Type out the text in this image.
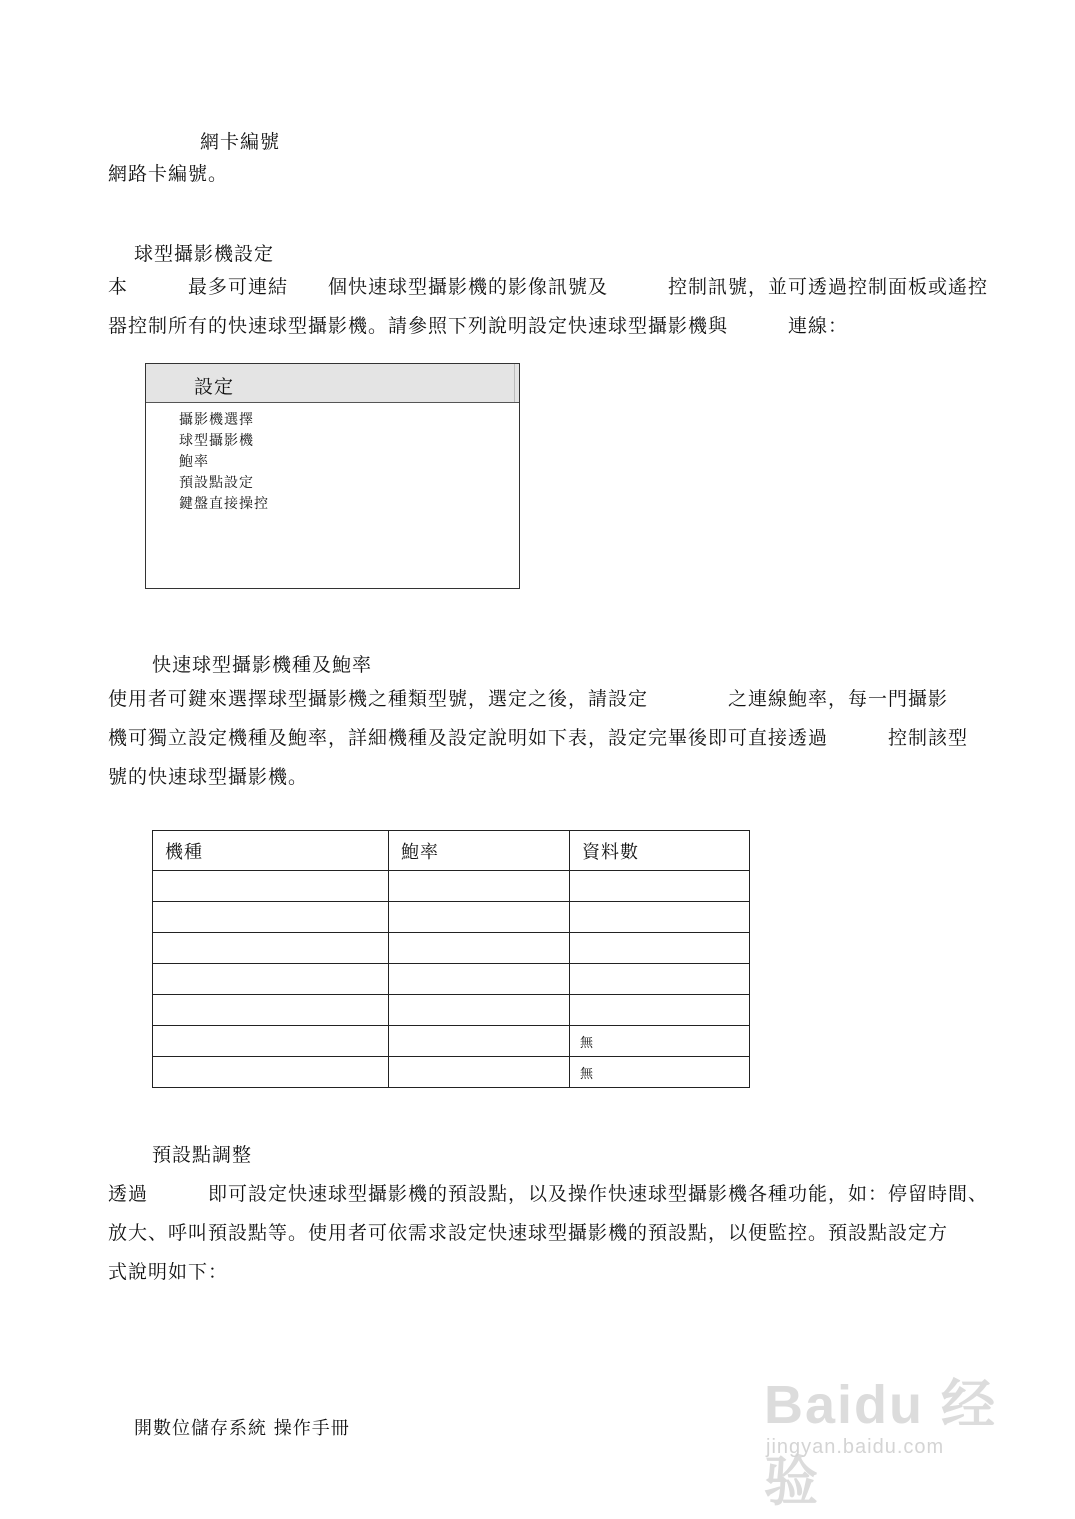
網卡編號
網路卡編號。
球型攝影機設定
本　　　最多可連結　　個快速球型攝影機的影像訊號及　　　控制訊號，並可透過控制面板或遙控
器控制所有的快速球型攝影機。請參照下列說明設定快速球型攝影機與　　　連線：
設定
攝影機選擇
球型攝影機
鮑率
預設點設定
鍵盤直接操控
快速球型攝影機種及鮑率
使用者可鍵來選擇球型攝影機之種類型號，選定之後，請設定　　　　之連線鮑率，每一門攝影
機可獨立設定機種及鮑率，詳細機種及設定說明如下表，設定完畢後即可直接透過　　　控制該型
號的快速球型攝影機。
機種	鮑率	資料數

		無
		無
預設點調整
透過　　　即可設定快速球型攝影機的預設點，以及操作快速球型攝影機各種功能，如：停留時間、
放大、呼叫預設點等。使用者可依需求設定快速球型攝影機的預設點，以便監控。預設點設定方
式說明如下：
開數位儲存系統 操作手冊	Baidu 经验
jingyan.baidu.com
